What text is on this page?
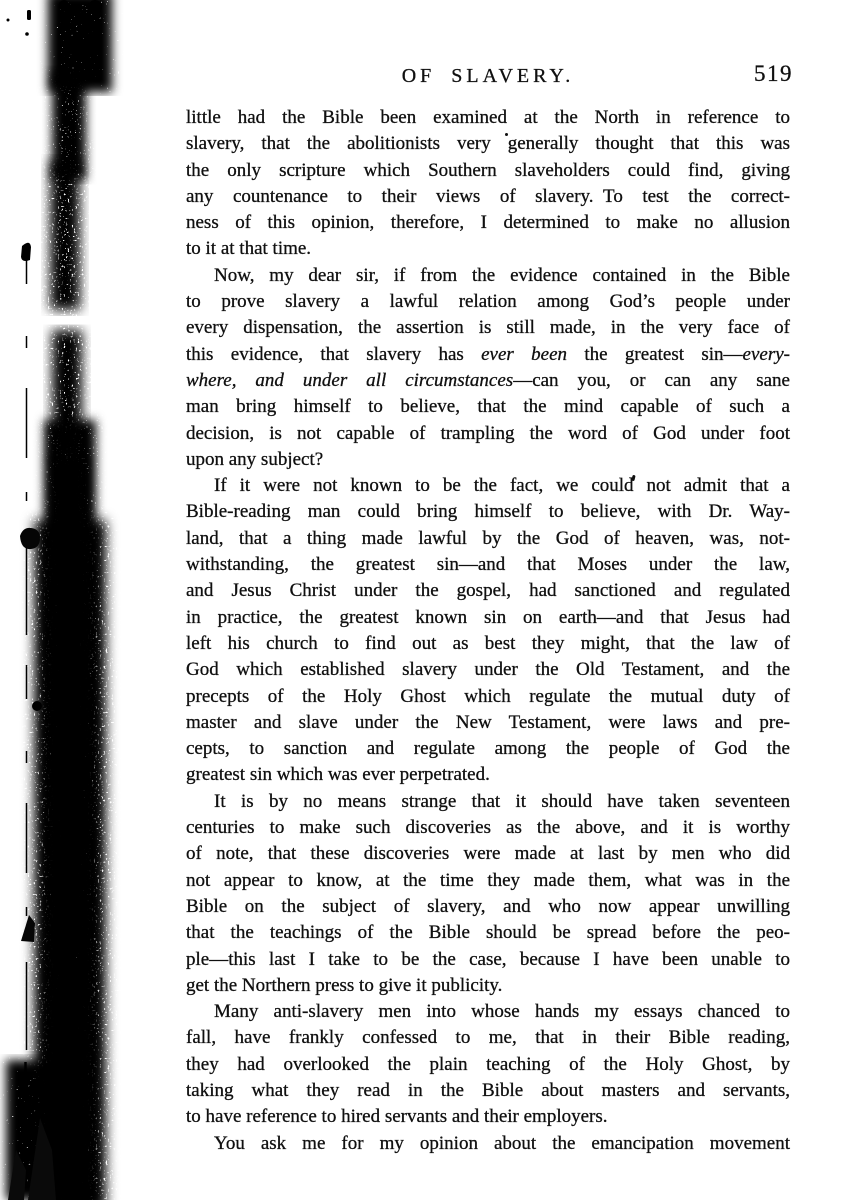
OF SLAVERY.	519
little had the Bible been examined at the North in reference to
slavery, that the abolitionists very generally thought that this was
the only scripture which Southern slaveholders could find, giving
any countenance to their views of slavery. To test the correct-
ness of this opinion, therefore, I determined to make no allusion
to it at that time.
Now, my dear sir, if from the evidence contained in the Bible
to prove slavery a lawful relation among God’s people under
every dispensation, the assertion is still made, in the very face of
this evidence, that slavery has ever been the greatest sin—every-
where, and under all circumstances—can you, or can any sane
man bring himself to believe, that the mind capable of such a
decision, is not capable of trampling the word of God under foot
upon any subject?
If it were not known to be the fact, we could not admit that a
Bible-reading man could bring himself to believe, with Dr. Way-
land, that a thing made lawful by the God of heaven, was, not-
withstanding, the greatest sin—and that Moses under the law,
and Jesus Christ under the gospel, had sanctioned and regulated
in practice, the greatest known sin on earth—and that Jesus had
left his church to find out as best they might, that the law of
God which established slavery under the Old Testament, and the
precepts of the Holy Ghost which regulate the mutual duty of
master and slave under the New Testament, were laws and pre-
cepts, to sanction and regulate among the people of God the
greatest sin which was ever perpetrated.
It is by no means strange that it should have taken seventeen
centuries to make such discoveries as the above, and it is worthy
of note, that these discoveries were made at last by men who did
not appear to know, at the time they made them, what was in the
Bible on the subject of slavery, and who now appear unwilling
that the teachings of the Bible should be spread before the peo-
ple—this last I take to be the case, because I have been unable to
get the Northern press to give it publicity.
Many anti-slavery men into whose hands my essays chanced to
fall, have frankly confessed to me, that in their Bible reading,
they had overlooked the plain teaching of the Holy Ghost, by
taking what they read in the Bible about masters and servants,
to have reference to hired servants and their employers.
You ask me for my opinion about the emancipation movement
